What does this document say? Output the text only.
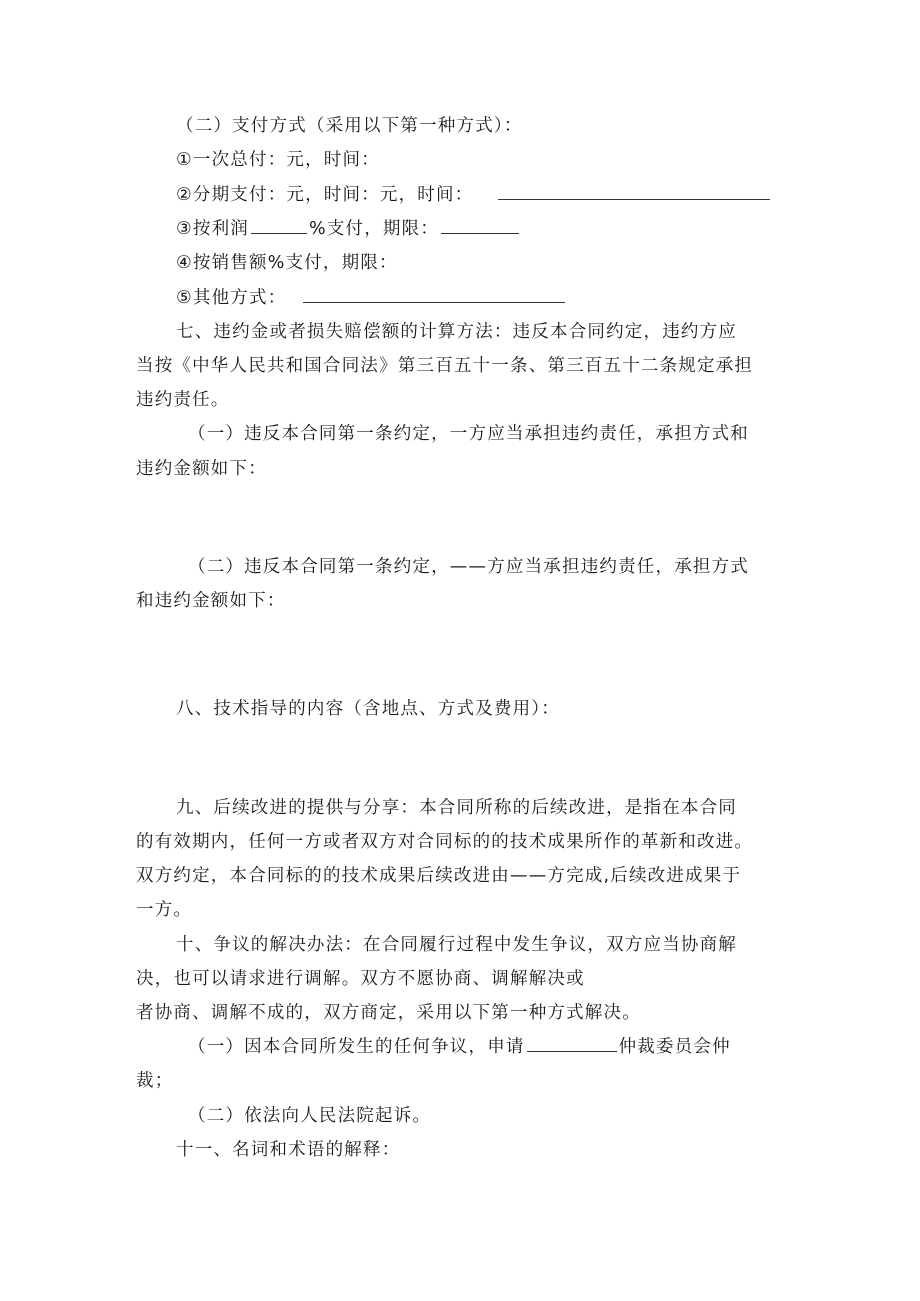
（二）支付方式（采用以下第一种方式）：
①一次总付：元，时间：
②分期支付：元，时间：元，时间：
③按利润	%支付，期限：
④按销售额%支付，期限：
⑤其他方式：
七、违约金或者损失赔偿额的计算方法：违反本合同约定，违约方应
当按《中华人民共和国合同法》第三百五十一条、第三百五十二条规定承担
违约责任。
（一）违反本合同第一条约定，一方应当承担违约责任，承担方式和
违约金额如下：
（二）违反本合同第一条约定，——方应当承担违约责任，承担方式
和违约金额如下：
八、技术指导的内容（含地点、方式及费用）：
九、后续改进的提供与分享：本合同所称的后续改进，是指在本合同
的有效期内，任何一方或者双方对合同标的的技术成果所作的革新和改进。
双方约定，本合同标的的技术成果后续改进由——方完成,后续改进成果于
一方。
十、争议的解决办法：在合同履行过程中发生争议，双方应当协商解
决，也可以请求进行调解。双方不愿协商、调解解决或
者协商、调解不成的，双方商定，采用以下第一种方式解决。
（一）因本合同所发生的任何争议，申请	仲裁委员会仲
裁；
（二）依法向人民法院起诉。
十一、名词和术语的解释：
